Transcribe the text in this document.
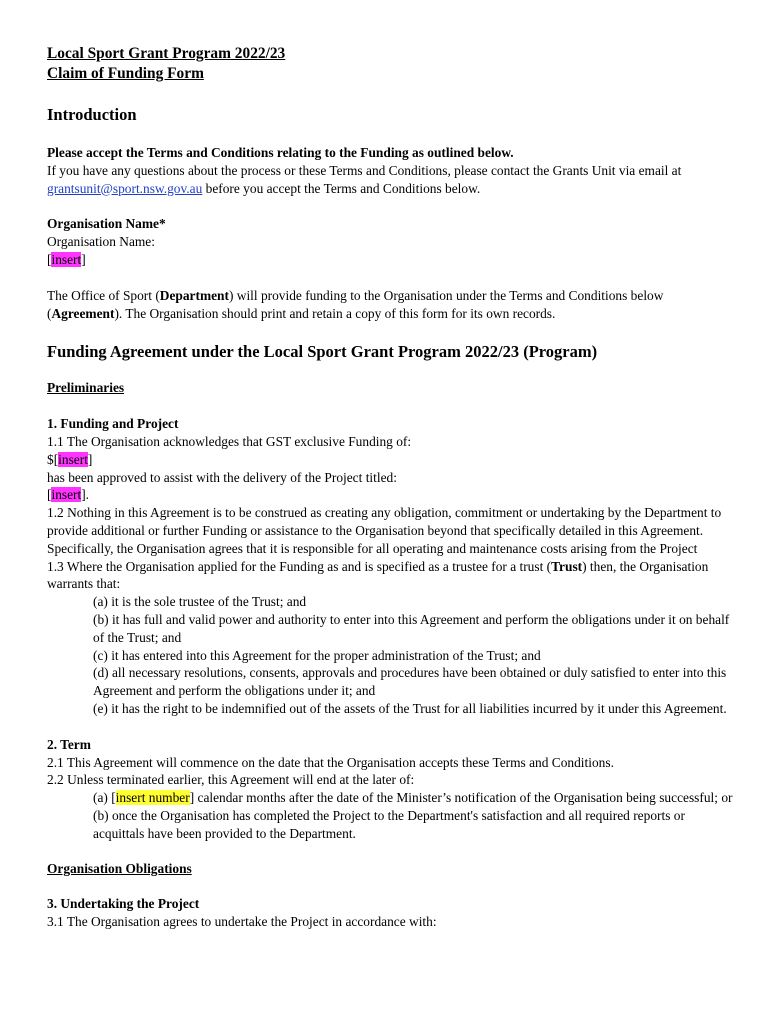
Local Sport Grant Program 2022/23

Claim of Funding Form

Introduction

Please accept the Terms and Conditions relating to the Funding as outlined below.

If you have any questions about the process or these Terms and Conditions, please contact the Grants Unit via email at grantsunit@sport.nsw.gov.au before you accept the Terms and Conditions below.

Organisation Name*

Organisation Name:

[insert]

The Office of Sport (Department) will provide funding to the Organisation under the Terms and Conditions below (Agreement). The Organisation should print and retain a copy of this form for its own records.

Funding Agreement under the Local Sport Grant Program 2022/23 (Program)

Preliminaries

1. Funding and Project

1.1 The Organisation acknowledges that GST exclusive Funding of:

$[insert]

has been approved to assist with the delivery of the Project titled:

[insert].

1.2 Nothing in this Agreement is to be construed as creating any obligation, commitment or undertaking by the Department to provide additional or further Funding or assistance to the Organisation beyond that specifically detailed in this Agreement. Specifically, the Organisation agrees that it is responsible for all operating and maintenance costs arising from the Project

1.3 Where the Organisation applied for the Funding as and is specified as a trustee for a trust (Trust) then, the Organisation warrants that:

(a) it is the sole trustee of the Trust; and

(b) it has full and valid power and authority to enter into this Agreement and perform the obligations under it on behalf of the Trust; and

(c) it has entered into this Agreement for the proper administration of the Trust; and

(d) all necessary resolutions, consents, approvals and procedures have been obtained or duly satisfied to enter into this Agreement and perform the obligations under it; and

(e) it has the right to be indemnified out of the assets of the Trust for all liabilities incurred by it under this Agreement.

2. Term

2.1 This Agreement will commence on the date that the Organisation accepts these Terms and Conditions.

2.2 Unless terminated earlier, this Agreement will end at the later of:

(a) [insert number] calendar months after the date of the Minister’s notification of the Organisation being successful; or

(b) once the Organisation has completed the Project to the Department's satisfaction and all required reports or acquittals have been provided to the Department.

Organisation Obligations

3. Undertaking the Project

3.1 The Organisation agrees to undertake the Project in accordance with:
